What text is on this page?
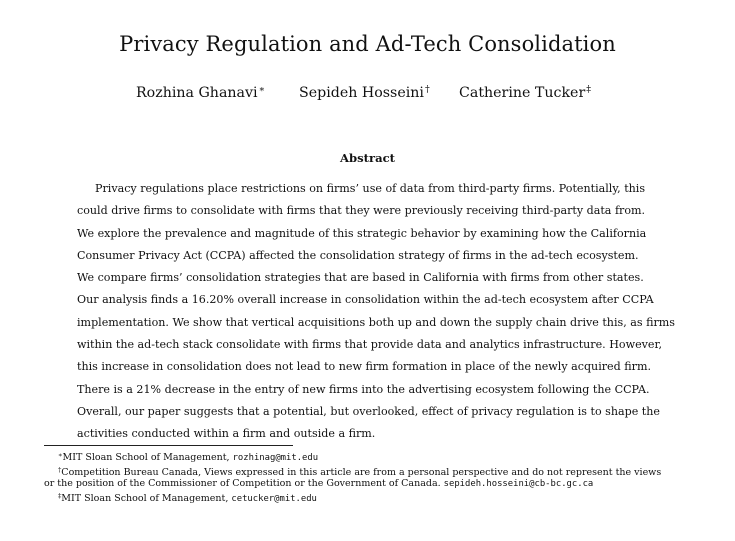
Privacy Regulation and Ad-Tech Consolidation
Rozhina Ghanavi∗ Sepideh Hosseini† Catherine Tucker‡
Abstract
Privacy regulations place restrictions on firms’ use of data from third-party firms. Potentially, this
could drive firms to consolidate with firms that they were previously receiving third-party data from.
We explore the prevalence and magnitude of this strategic behavior by examining how the California
Consumer Privacy Act (CCPA) affected the consolidation strategy of firms in the ad-tech ecosystem.
We compare firms’ consolidation strategies that are based in California with firms from other states.
Our analysis finds a 16.20% overall increase in consolidation within the ad-tech ecosystem after CCPA
implementation. We show that vertical acquisitions both up and down the supply chain drive this, as firms
within the ad-tech stack consolidate with firms that provide data and analytics infrastructure. However,
this increase in consolidation does not lead to new firm formation in place of the newly acquired firm.
There is a 21% decrease in the entry of new firms into the advertising ecosystem following the CCPA.
Overall, our paper suggests that a potential, but overlooked, effect of privacy regulation is to shape the
activities conducted within a firm and outside a firm.
∗MIT Sloan School of Management, rozhinag@mit.edu
†Competition Bureau Canada, Views expressed in this article are from a personal perspective and do not represent the views
or the position of the Commissioner of Competition or the Government of Canada. sepideh.hosseini@cb-bc.gc.ca
‡MIT Sloan School of Management, cetucker@mit.edu
